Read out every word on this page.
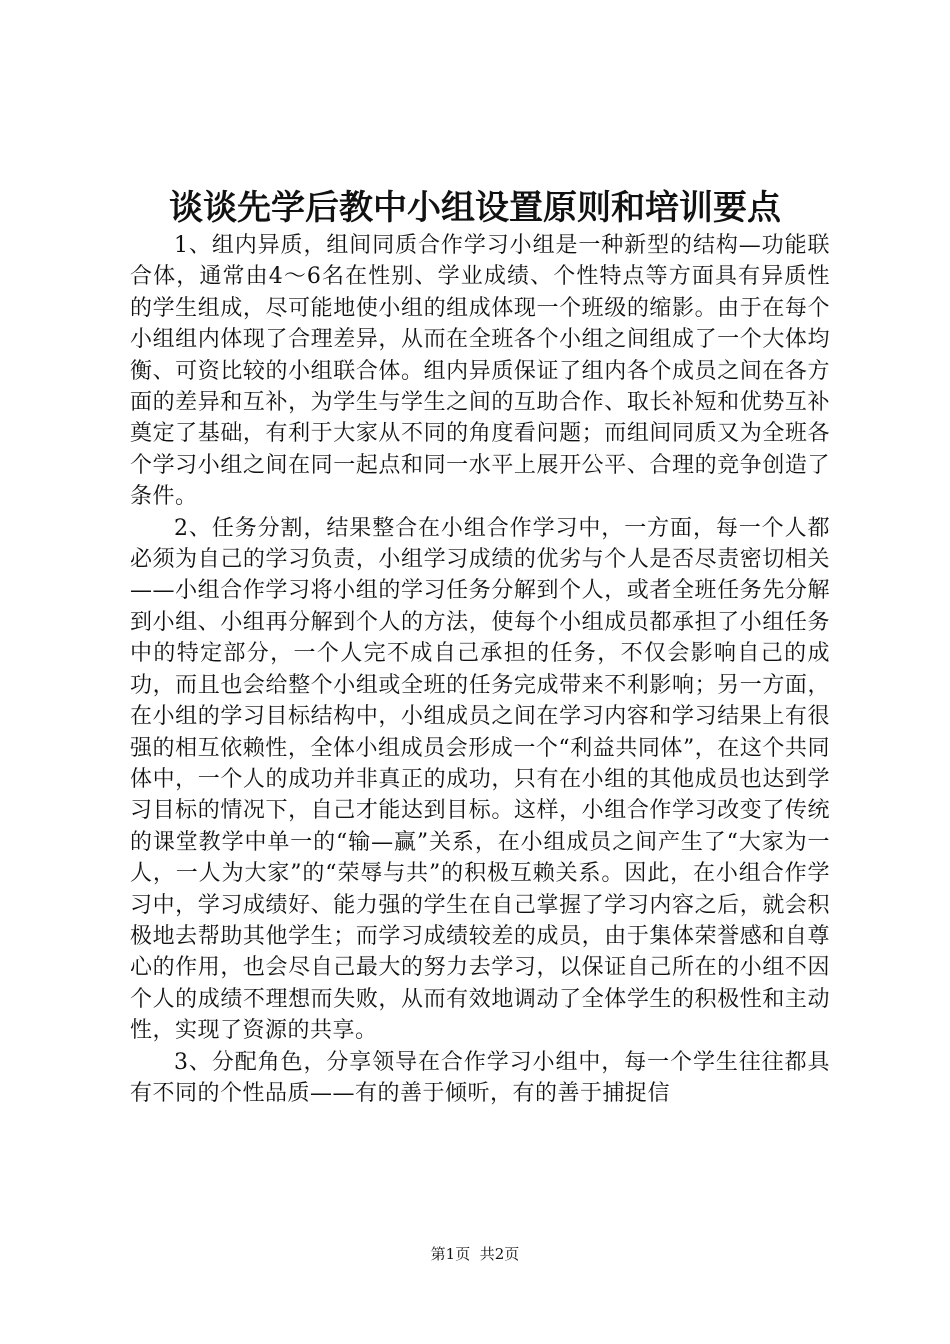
谈谈先学后教中小组设置原则和培训要点

1、组内异质，组间同质合作学习小组是一种新型的结构—功能联合体，通常由4～6名在性别、学业成绩、个性特点等方面具有异质性的学生组成，尽可能地使小组的组成体现一个班级的缩影。由于在每个小组组内体现了合理差异，从而在全班各个小组之间组成了一个大体均衡、可资比较的小组联合体。组内异质保证了组内各个成员之间在各方面的差异和互补，为学生与学生之间的互助合作、取长补短和优势互补奠定了基础，有利于大家从不同的角度看问题；而组间同质又为全班各个学习小组之间在同一起点和同一水平上展开公平、合理的竞争创造了条件。

2、任务分割，结果整合在小组合作学习中，一方面，每一个人都必须为自己的学习负责，小组学习成绩的优劣与个人是否尽责密切相关——小组合作学习将小组的学习任务分解到个人，或者全班任务先分解到小组、小组再分解到个人的方法，使每个小组成员都承担了小组任务中的特定部分，一个人完不成自己承担的任务，不仅会影响自己的成功，而且也会给整个小组或全班的任务完成带来不利影响；另一方面，在小组的学习目标结构中，小组成员之间在学习内容和学习结果上有很强的相互依赖性，全体小组成员会形成一个“利益共同体”，在这个共同体中，一个人的成功并非真正的成功，只有在小组的其他成员也达到学习目标的情况下，自己才能达到目标。这样，小组合作学习改变了传统的课堂教学中单一的“输—赢”关系，在小组成员之间产生了“大家为一人，一人为大家”的“荣辱与共”的积极互赖关系。因此，在小组合作学习中，学习成绩好、能力强的学生在自己掌握了学习内容之后，就会积极地去帮助其他学生；而学习成绩较差的成员，由于集体荣誉感和自尊心的作用，也会尽自己最大的努力去学习，以保证自己所在的小组不因个人的成绩不理想而失败，从而有效地调动了全体学生的积极性和主动性，实现了资源的共享。

3、分配角色，分享领导在合作学习小组中，每一个学生往往都具有不同的个性品质——有的善于倾听，有的善于捕捉信

第1页 共2页
